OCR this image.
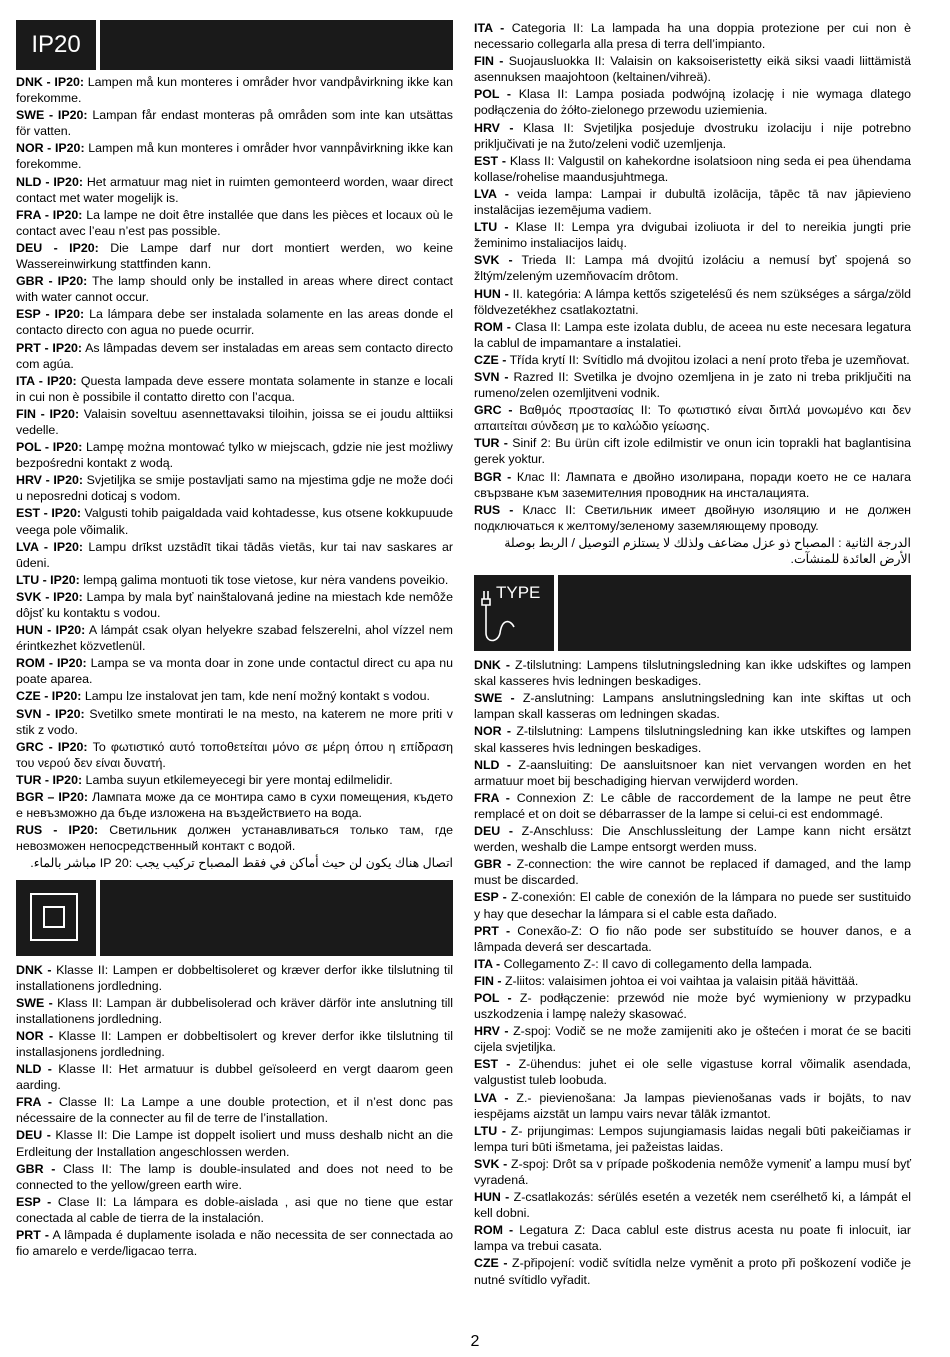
IP20

DNK - IP20: Lampen må kun monteres i områder hvor vandpåvirkning ikke kan forekomme.

SWE - IP20: Lampan får endast monteras på områden som inte kan utsättas för vatten.

NOR - IP20: Lampen må kun monteres i områder hvor vannpåvirkning ikke kan forekomme.

NLD - IP20: Het armatuur mag niet in ruimten gemonteerd worden, waar direct contact met water mogelijk is.

FRA - IP20: La lampe ne doit être installée que dans les pièces et locaux où le contact avec l’eau n’est pas possible.

DEU - IP20: Die Lampe darf nur dort montiert werden, wo keine Wassereinwirkung stattfinden kann.

GBR - IP20: The lamp should only be installed in areas where direct contact with water cannot occur.

ESP - IP20: La lámpara debe ser instalada solamente en las areas donde el contacto directo con agua no puede ocurrir.

PRT - IP20: As lâmpadas devem ser instaladas em areas sem contacto directo com agúa.

ITA - IP20: Questa lampada deve essere montata solamente in stanze e locali in cui non è possibile il contatto diretto con l’acqua.

FIN - IP20: Valaisin soveltuu asennettavaksi tiloihin, joissa se ei joudu alttiiksi vedelle.

POL - IP20: Lampę można montować tylko w miejscach, gdzie nie jest możliwy bezpośredni kontakt z wodą.

HRV - IP20: Svjetiljka se smije postavljati samo na mjestima gdje ne može doći u neposredni doticaj s vodom.

EST - IP20: Valgusti tohib paigaldada vaid kohtadesse, kus otsene kokkupuude veega pole võimalik.

LVA - IP20: Lampu drīkst uzstādīt tikai tādās vietās, kur tai nav saskares ar ūdeni.

LTU - IP20: lempą galima montuoti tik tose vietose, kur nėra vandens poveikio.

SVK - IP20: Lampa by mala byť nainštalovaná jedine na miestach kde nemôže dôjsť ku kontaktu s vodou.

HUN - IP20: A lámpát csak olyan helyekre szabad felszerelni, ahol vízzel nem érintkezhet közvetlenül.

ROM - IP20: Lampa se va monta doar in zone unde contactul direct cu apa nu poate aparea.

CZE - IP20: Lampu lze instalovat jen tam, kde není možný kontakt s vodou.

SVN - IP20: Svetilko smete montirati le na mesto, na katerem ne more priti v stik z vodo.

GRC - IP20: Το φωτιστικό αυτό τοποθετείται μόνο σε μέρη όπου η επίδραση του νερού δεν είναι δυνατή.

TUR - IP20: Lamba suyun etkilemeyecegi bir yere montaj edilmelidir.

BGR – IP20: Лампата може да се монтира само в сухи помещения, където е невъзможно да бъде изложена на въздействието на вода.

RUS - IP20: Светильник должен устанавливаться только там, где невозможен непосредственный контакт с водой.

اتصال هناك يكون لن حيث أماكن في فقط المصباح تركيب يجب :20 IP مباشر بالماء.

DNK - Klasse II: Lampen er dobbeltisoleret og kræver derfor ikke tilslutning til installationens jordledning.

SWE - Klass II: Lampan är dubbelisolerad och kräver därför inte anslutning till installationens jordledning.

NOR - Klasse II: Lampen er dobbeltisolert og krever derfor ikke tilslutning til installasjonens jordledning.

NLD - Klasse II: Het armatuur is dubbel geïsoleerd en vergt daarom geen aarding.

FRA - Classe II: La Lampe a une double protection, et il n’est donc pas nécessaire de la connecter au fil de terre de l’installation.

DEU - Klasse II: Die Lampe ist doppelt isoliert und muss deshalb nicht an die Erdleitung der Installation angeschlossen werden.

GBR - Class II: The lamp is double-insulated and does not need to be connected to the yellow/green earth wire.

ESP - Clase II: La lámpara es doble-aislada , asi que no tiene que estar conectada al cable de tierra de la instalación.

PRT - A lâmpada é duplamente isolada e não necessita de ser connectada ao fio amarelo e verde/ligacao terra.

ITA - Categoria II: La lampada ha una doppia protezione per cui non è necessario collegarla alla presa di terra dell’impianto.

FIN - Suojausluokka II: Valaisin on kaksoiseristetty eikä siksi vaadi liittämistä asennuksen maajohtoon (keltainen/vihreä).

POL - Klasa II: Lampa posiada podwójną izolację i nie wymaga dlatego podłączenia do żółto-zielonego przewodu uziemienia.

HRV - Klasa II: Svjetiljka posjeduje dvostruku izolaciju i nije potrebno priključivati je na žuto/zeleni vodič uzemljenja.

EST - Klass II: Valgustil on kahekordne isolatsioon ning seda ei pea ühendama kollase/rohelise maandusjuhtmega.

LVA - veida lampa: Lampai ir dubultā izolācija, tāpēc tā nav jāpievieno instalācijas iezemējuma vadiem.

LTU - Klase II: Lempa yra dvigubai izoliuota ir del to nereikia jungti prie žeminimo instaliacijos laidų.

SVK - Trieda II: Lampa má dvojitú izoláciu a nemusí byť spojená so žltým/zeleným uzemňovacím drôtom.

HUN - II. kategória: A lámpa kettős szigetelésű és nem szükséges a sárga/zöld földvezetékhez csatlakoztatni.

ROM - Clasa II: Lampa este izolata dublu, de aceea nu este necesara legatura la cablul de impamantare a instalatiei.

CZE - Třída krytí II: Svítidlo má dvojitou izolaci a není proto třeba je uzemňovat.

SVN - Razred II: Svetilka je dvojno ozemljena in je zato ni treba priključiti na rumeno/zelen ozemljitveni vodnik.

GRC - Βαθμός προστασίας II: Το φωτιστικό είναι διπλά μονωμένο και δεν απαιτείται σύνδεση με το καλώδιο γείωσης.

TUR - Sinif 2: Bu ürün cift izole edilmistir ve onun icin toprakli hat baglantisina gerek yoktur.

BGR - Клас II: Лампата е двойно изолирана, поради което не се налага свързване към заземителния проводник на инсталацията.

RUS - Класс II: Светильник имеет двойную изоляцию и не должен подключаться к желтому/зеленому заземляющему проводу.

الدرجة الثانية : المصباح ذو عزل مضاعف ولذلك لا يستلزم التوصيل / الربط بوصلة الأرض العائدة للمنشآت.
TYPE

DNK - Z-tilslutning: Lampens tilslutningsledning kan ikke udskiftes og lampen skal kasseres hvis ledningen beskadiges.

SWE - Z-anslutning: Lampans anslutningsledning kan inte skiftas ut och lampan skall kasseras om ledningen skadas.

NOR - Z-tilslutning: Lampens tilslutningsledning kan ikke utskiftes og lampen skal kasseres hvis ledningen beskadiges.

NLD - Z-aansluiting: De aansluitsnoer kan niet vervangen worden en het armatuur moet bij beschadiging hiervan verwijderd worden.

FRA - Connexion Z: Le câble de raccordement de la lampe ne peut être remplacé et on doit se débarrasser de la lampe si celui-ci est endommagé.

DEU - Z-Anschluss: Die Anschlussleitung der Lampe kann nicht ersätzt werden, weshalb die Lampe entsorgt werden muss.

GBR - Z-connection: the wire cannot be replaced if damaged, and the lamp must be discarded.

ESP - Z-conexión: El cable de conexión de la lámpara no puede ser sustituido y hay que desechar la lámpara si el cable esta dañado.

PRT - Conexão-Z: O fio não pode ser substituído se houver danos, e a lâmpada deverá ser descartada.

ITA - Collegamento Z-: Il cavo di collegamento della lampada.

FIN - Z-liitos: valaisimen johtoa ei voi vaihtaa ja valaisin pitää hävittää.

POL - Z- podłączenie: przewód nie może być wymieniony w przypadku uszkodzenia i lampę należy skasować.

HRV - Z-spoj: Vodič se ne može zamijeniti ako je oštećen i morat će se baciti cijela svjetiljka.

EST - Z-ühendus: juhet ei ole selle vigastuse korral võimalik asendada, valgustist tuleb loobuda.

LVA - Z.- pievienošana: Ja lampas pievienošanas vads ir bojāts, to nav iespējams aizstāt un lampu vairs nevar tālāk izmantot.

LTU - Z- prijungimas: Lempos sujungiamasis laidas negali būti pakeičiamas ir lempa turi būti išmetama, jei pažeistas laidas.

SVK - Z-spoj: Drôt sa v prípade poškodenia nemôže vymeniť a lampu musí byť vyradená.

HUN - Z-csatlakozás: sérülés esetén a vezeték nem cserélhető ki, a lámpát el kell dobni.

ROM - Legatura Z: Daca cablul este distrus acesta nu poate fi inlocuit, iar lampa va trebui casata.

CZE - Z-připojení: vodič svítidla nelze vyměnit a proto při poškození vodiče je nutné svítidlo vyřadit.

2
